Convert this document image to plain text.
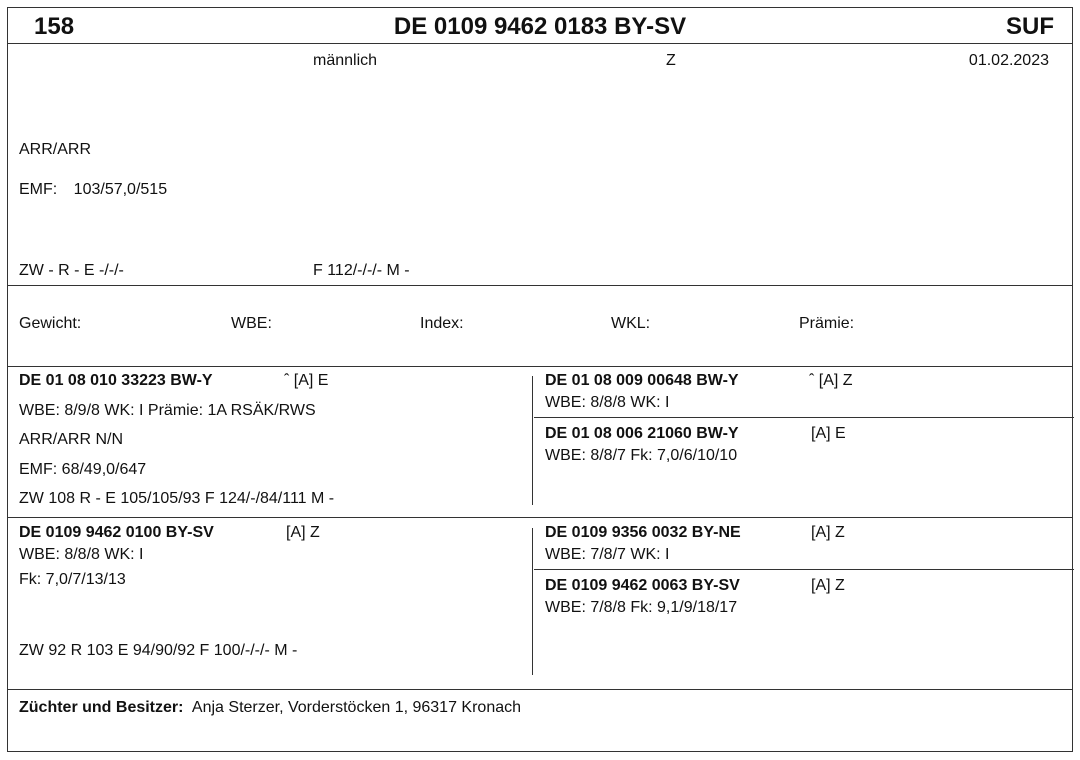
158	DE 0109 9462 0183 BY-SV	SUF
männlich	Z	01.02.2023
ARR/ARR
EMF: 103/57,0/515
ZW - R - E -/-/-	F 112/-/-/- M -
Gewicht:	WBE:	Index:	WKL:	Prämie:
DE 01 08 010 33223 BW-Y	ˆ [A] E
WBE: 8/9/8 WK: I Prämie: 1A RSÄK/RWS
ARR/ARR N/N
EMF: 68/49,0/647
ZW 108 R - E 105/105/93 F 124/-/84/111 M -
DE 01 08 009 00648 BW-Y	ˆ [A] Z
WBE: 8/8/8 WK: I
DE 01 08 006 21060 BW-Y	[A] E
WBE: 8/8/7 Fk: 7,0/6/10/10
DE 0109 9462 0100 BY-SV	[A] Z
WBE: 8/8/8 WK: I
Fk: 7,0/7/13/13
ZW 92 R 103 E 94/90/92 F 100/-/-/- M -
DE 0109 9356 0032 BY-NE	[A] Z
WBE: 7/8/7 WK: I
DE 0109 9462 0063 BY-SV	[A] Z
WBE: 7/8/8 Fk: 9,1/9/18/17
Züchter und Besitzer: Anja Sterzer, Vorderstöcken 1, 96317 Kronach
